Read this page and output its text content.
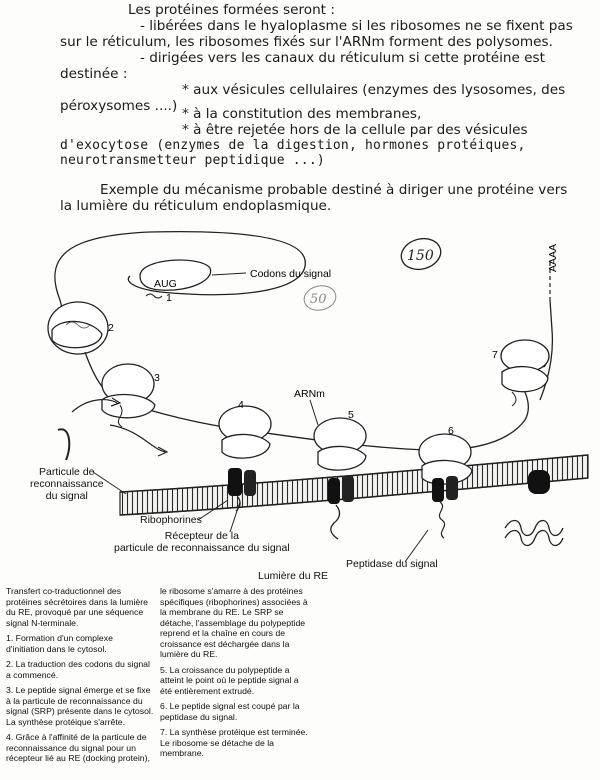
Les protéines formées seront :
- libérées dans le hyaloplasme si les ribosomes ne se fixent pas
sur le réticulum, les ribosomes fixés sur l'ARNm forment des polysomes.
- dirigées vers les canaux du réticulum si cette protéine est
destinée :
* aux vésicules cellulaires (enzymes des lysosomes, des
péroxysomes ....) * à la constitution des membranes,
* à être rejetée hors de la cellule par des vésicules
d'exocytose (enzymes de la digestion, hormones protéiques,
neurotransmetteur peptidique ...)
Exemple du mécanisme probable destiné à diriger une protéine vers
la lumière du réticulum endoplasmique.
150
50
AUG
1
Codons du signal
2
AAAA
3
4
5
ARNm
6
7
Particule de
reconnaissance
du signal
Ribophorines
Récepteur de la
particule de reconnaissance du signal
Peptidase du signal
Lumière du RE

Transfert co-traductionnel des
protéines sécrétoires dans la lumière
du RE, provoqué par une séquence
signal N-terminale.

1. Formation d'un complexe
d'initiation dans le cytosol.

2. La traduction des codons du signal
a commencé.

3. Le peptide signal émerge et se fixe
à la particule de reconnaissance du
signal (SRP) présente dans le cytosol.
La synthèse protéique s'arrête.

4. Grâce à l'affinité de la particule de
reconnaissance du signal pour un
récepteur lié au RE (docking protein),

le ribosome s'amarre à des protéines
spécifiques (ribophorines) associées à
la membrane du RE. Le SRP se
détache, l'assemblage du polypeptide
reprend et la chaîne en cours de
croissance est déchargée dans la
lumière du RE.

5. La croissance du polypeptide a
atteint le point où le peptide signal a
été entièrement extrudé.

6. Le peptide signal est coupé par la
peptidase du signal.

7. La synthèse protéique est terminée.
Le ribosome se détache de la
membrane.
